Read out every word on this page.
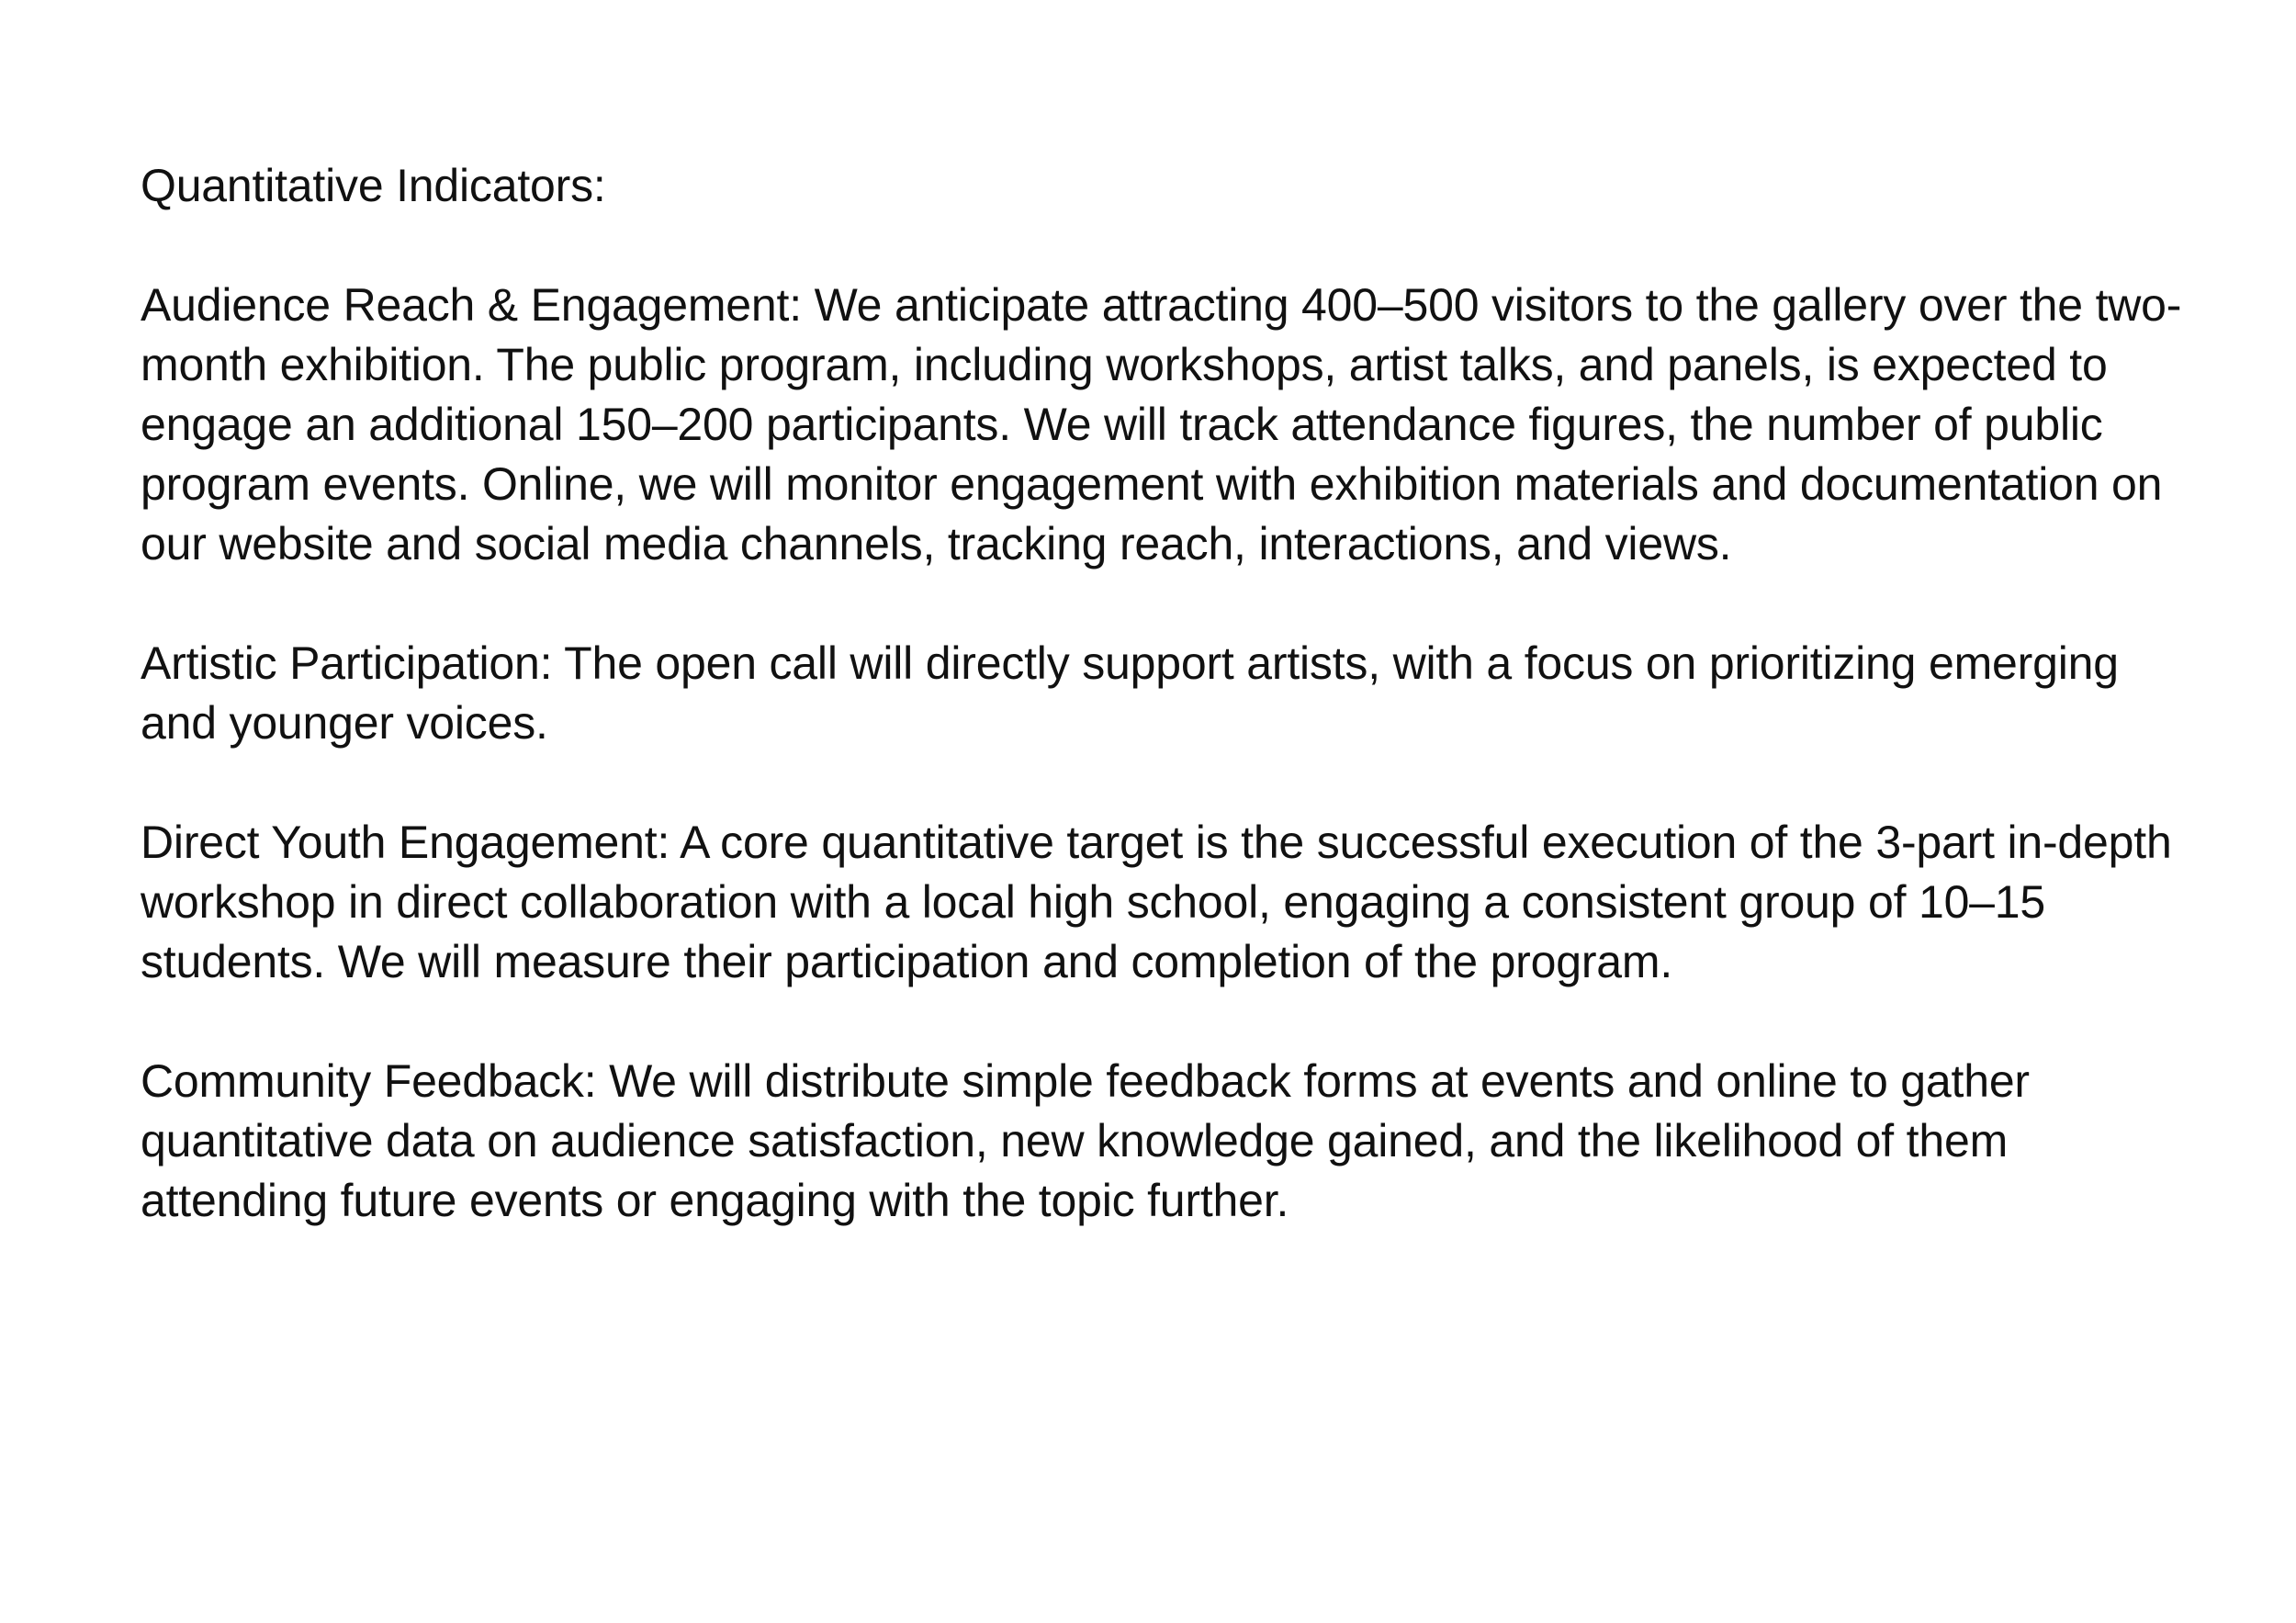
Quantitative Indicators:

Audience Reach & Engagement: We anticipate attracting 400–500 visitors to the gallery over the two-month exhibition. The public program, including workshops, artist talks, and panels, is expected to engage an additional 150–200 participants. We will track attendance figures, the number of public program events. Online, we will monitor engagement with exhibition materials and documentation on our website and social media channels, tracking reach, interactions, and views.

Artistic Participation: The open call will directly support artists, with a focus on prioritizing emerging and younger voices.

Direct Youth Engagement: A core quantitative target is the successful execution of the 3-part in-depth workshop in direct collaboration with a local high school, engaging a consistent group of 10–15 students. We will measure their participation and completion of the program.

Community Feedback: We will distribute simple feedback forms at events and online to gather quantitative data on audience satisfaction, new knowledge gained, and the likelihood of them attending future events or engaging with the topic further.
